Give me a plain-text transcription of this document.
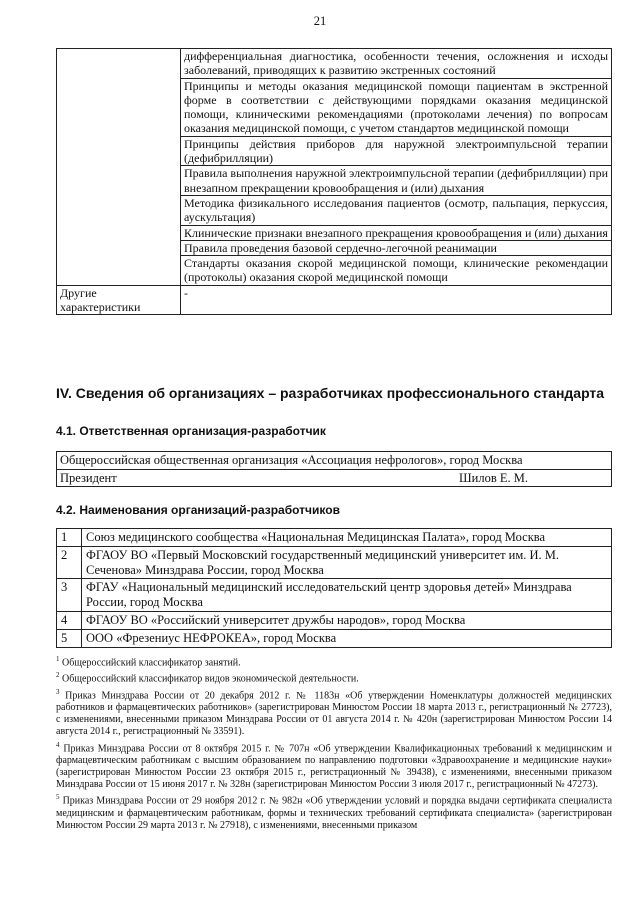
21
	дифференциальная диагностика, особенности течения, осложнения и исходы заболеваний, приводящих к развитию экстренных состояний
	Принципы и методы оказания медицинской помощи пациентам в экстренной форме в соответствии с действующими порядками оказания медицинской помощи, клиническими рекомендациями (протоколами лечения) по вопросам оказания медицинской помощи, с учетом стандартов медицинской помощи
	Принципы действия приборов для наружной электроимпульсной терапии (дефибрилляции)
	Правила выполнения наружной электроимпульсной терапии (дефибрилляции) при внезапном прекращении кровообращения и (или) дыхания
	Методика физикального исследования пациентов (осмотр, пальпация, перкуссия, аускультация)
	Клинические признаки внезапного прекращения кровообращения и (или) дыхания
	Правила проведения базовой сердечно-легочной реанимации
	Стандарты оказания скорой медицинской помощи, клинические рекомендации (протоколы) оказания скорой медицинской помощи
Другие характеристики	-
IV. Сведения об организациях – разработчиках профессионального стандарта
4.1. Ответственная организация-разработчик
Общероссийская общественная организация «Ассоциация нефрологов», город Москва

Президент	Шилов Е. М.
4.2. Наименования организаций-разработчиков
1	Союз медицинского сообщества «Национальная Медицинская Палата», город Москва
2	ФГАОУ ВО «Первый Московский государственный медицинский университет им. И. М. Сеченова» Минздрава России, город Москва
3	ФГАУ «Национальный медицинский исследовательский центр здоровья детей» Минздрава России, город Москва
4	ФГАОУ ВО «Российский университет дружбы народов», город Москва
5	ООО «Фрезениус НЕФРОКЕА», город Москва

$^1$ Общероссийский классификатор занятий.

$^2$ Общероссийский классификатор видов экономической деятельности.

$^3$ Приказ Минздрава России от 20 декабря 2012 г. № 1183н «Об утверждении Номенклатуры должностей медицинских работников и фармацевтических работников» (зарегистрирован Минюстом России 18 марта 2013 г., регистрационный № 27723), с изменениями, внесенными приказом Минздрава России от 01 августа 2014 г. № 420н (зарегистрирован Минюстом России 14 августа 2014 г., регистрационный № 33591).

$^4$ Приказ Минздрава России от 8 октября 2015 г. № 707н «Об утверждении Квалификационных требований к медицинским и фармацевтическим работникам с высшим образованием по направлению подготовки «Здравоохранение и медицинские науки» (зарегистрирован Минюстом России 23 октября 2015 г., регистрационный № 39438), с изменениями, внесенными приказом Минздрава России от 15 июня 2017 г. № 328н (зарегистрирован Минюстом России 3 июля 2017 г., регистрационный № 47273).

$^5$ Приказ Минздрава России от 29 ноября 2012 г. № 982н «Об утверждении условий и порядка выдачи сертификата специалиста медицинским и фармацевтическим работникам, формы и технических требований сертификата специалиста» (зарегистрирован Минюстом России 29 марта 2013 г. № 27918), с изменениями, внесенными приказом
